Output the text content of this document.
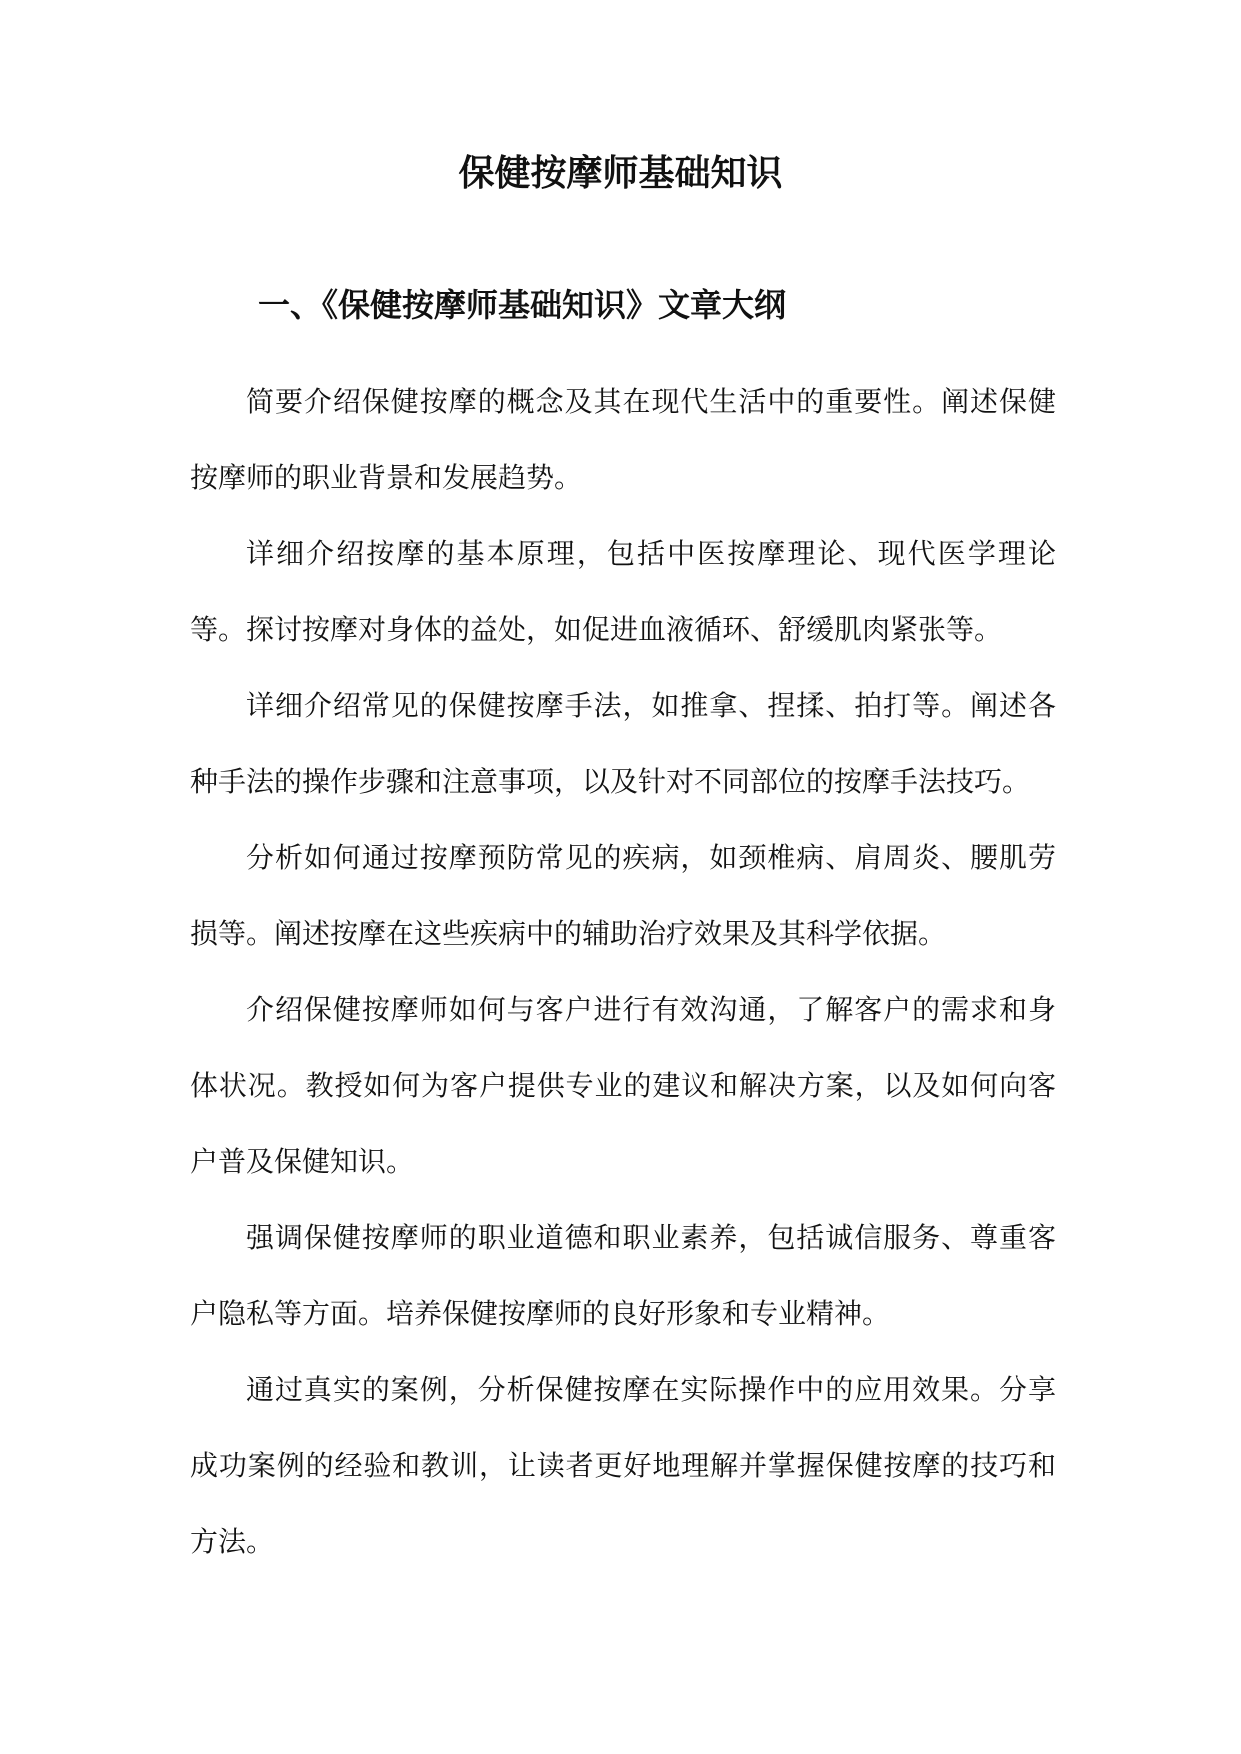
保健按摩师基础知识
一、《保健按摩师基础知识》文章大纲

简要介绍保健按摩的概念及其在现代生活中的重要性。阐述保健按摩师的职业背景和发展趋势。

详细介绍按摩的基本原理，包括中医按摩理论、现代医学理论等。探讨按摩对身体的益处，如促进血液循环、舒缓肌肉紧张等。

详细介绍常见的保健按摩手法，如推拿、捏揉、拍打等。阐述各种手法的操作步骤和注意事项，以及针对不同部位的按摩手法技巧。

分析如何通过按摩预防常见的疾病，如颈椎病、肩周炎、腰肌劳损等。阐述按摩在这些疾病中的辅助治疗效果及其科学依据。

介绍保健按摩师如何与客户进行有效沟通，了解客户的需求和身体状况。教授如何为客户提供专业的建议和解决方案，以及如何向客户普及保健知识。

强调保健按摩师的职业道德和职业素养，包括诚信服务、尊重客户隐私等方面。培养保健按摩师的良好形象和专业精神。

通过真实的案例，分析保健按摩在实际操作中的应用效果。分享成功案例的经验和教训，让读者更好地理解并掌握保健按摩的技巧和方法。
